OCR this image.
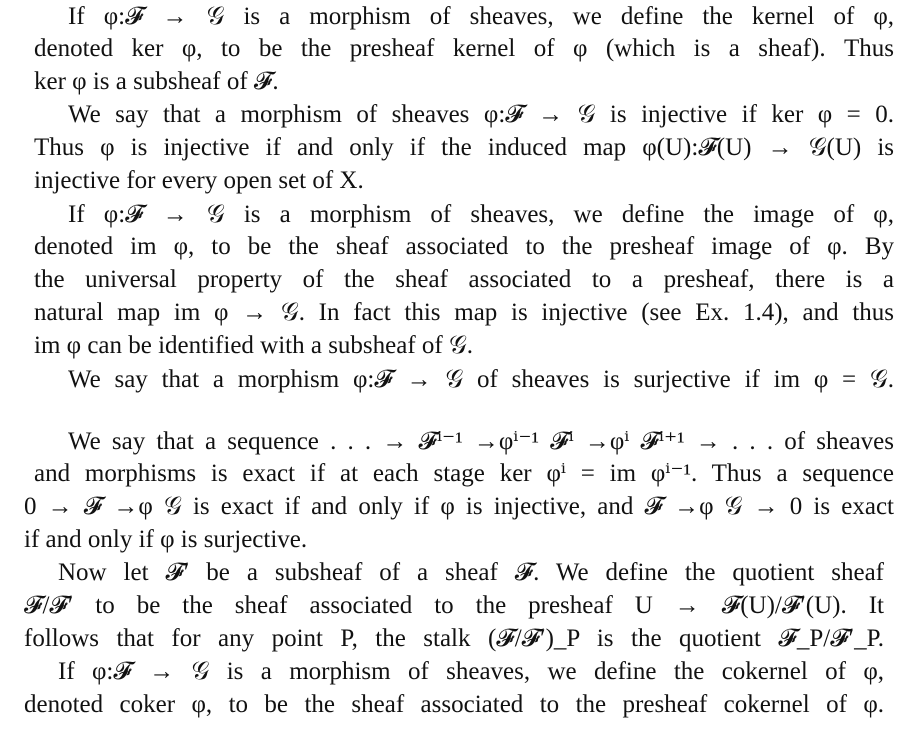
If φ:𝓕 → 𝒢 is a morphism of sheaves, we define the kernel of φ,
denoted ker φ, to be the presheaf kernel of φ (which is a sheaf). Thus
ker φ is a subsheaf of 𝓕.
We say that a morphism of sheaves φ:𝓕 → 𝒢 is injective if ker φ = 0.
Thus φ is injective if and only if the induced map φ(U):𝓕(U) → 𝒢(U) is
injective for every open set of X.
If φ:𝓕 → 𝒢 is a morphism of sheaves, we define the image of φ,
denoted im φ, to be the sheaf associated to the presheaf image of φ. By
the universal property of the sheaf associated to a presheaf, there is a
natural map im φ → 𝒢. In fact this map is injective (see Ex. 1.4), and thus
im φ can be identified with a subsheaf of 𝒢.
We say that a morphism φ:𝓕 → 𝒢 of sheaves is surjective if im φ = 𝒢.
We say that a sequence . . . → 𝓕ⁱ⁻¹ →φⁱ⁻¹ 𝓕ⁱ →φⁱ 𝓕ⁱ⁺¹ → . . . of sheaves
and morphisms is exact if at each stage ker φⁱ = im φⁱ⁻¹. Thus a sequence
0 → 𝓕 →φ 𝒢 is exact if and only if φ is injective, and 𝓕 →φ 𝒢 → 0 is exact
if and only if φ is surjective.
Now let 𝓕′ be a subsheaf of a sheaf 𝓕. We define the quotient sheaf
𝓕/𝓕′ to be the sheaf associated to the presheaf U → 𝓕(U)/𝓕′(U). It
follows that for any point P, the stalk (𝓕/𝓕′)_P is the quotient 𝓕_P/𝓕′_P.
If φ:𝓕 → 𝒢 is a morphism of sheaves, we define the cokernel of φ,
denoted coker φ, to be the sheaf associated to the presheaf cokernel of φ.
